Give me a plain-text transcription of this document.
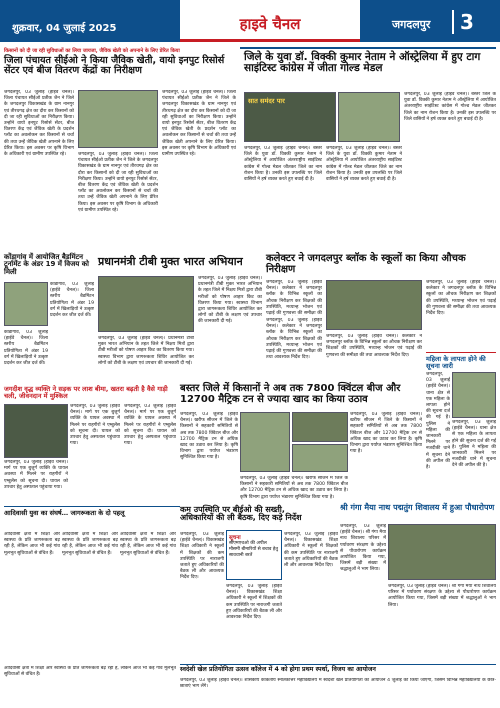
शुक्रवार, 04 जुलाई 2025	हाइवे चैनल	जगदलपुर	3
किसानों को दी जा रही सुविधाओं का लिया जायजा, जैविक खेती को अपनाने के लिए प्रेरित किया
जिला पंचायत सीईओ ने किया जैविक खेती, वायो इनपुट रिसोर्स सेंटर एवं बीज वितरण केंद्रों का निरीक्षण
जगदलपुर, 03 जुलाई (हाईवे चैनल)। जिला पंचायत सीईओ प्रतीक जैन ने जिले के जगदलपुर विकासखंड के ग्राम नानगुर एवं तीरथगढ़ क्षेत्र का दौरा कर किसानों को दी जा रही सुविधाओं का निरीक्षण किया। उन्होंने वायो इनपुट रिसोर्स सेंटर, बीज वितरण केंद्र एवं जैविक खेती के प्रदर्शन प्लॉट का अवलोकन कर किसानों से चर्चा की तथा उन्हें जैविक खेती अपनाने के लिए प्रेरित किया। इस अवसर पर कृषि विभाग के अधिकारी एवं ग्रामीण उपस्थित रहे।	जगदलपुर, 03 जुलाई (हाईवे चैनल)। जिला पंचायत सीईओ प्रतीक जैन ने जिले के जगदलपुर विकासखंड के ग्राम नानगुर एवं तीरथगढ़ क्षेत्र का दौरा कर किसानों को दी जा रही सुविधाओं का निरीक्षण किया। उन्होंने वायो इनपुट रिसोर्स सेंटर, बीज वितरण केंद्र एवं जैविक खेती के प्रदर्शन प्लॉट का अवलोकन कर किसानों से चर्चा की तथा उन्हें जैविक खेती अपनाने के लिए प्रेरित किया। इस अवसर पर कृषि विभाग के अधिकारी एवं ग्रामीण उपस्थित रहे।
जगदलपुर, 03 जुलाई (हाईवे चैनल)। जिला पंचायत सीईओ प्रतीक जैन ने जिले के जगदलपुर विकासखंड के ग्राम नानगुर एवं तीरथगढ़ क्षेत्र का दौरा कर किसानों को दी जा रही सुविधाओं का निरीक्षण किया। उन्होंने वायो इनपुट रिसोर्स सेंटर, बीज वितरण केंद्र एवं जैविक खेती के प्रदर्शन प्लॉट का अवलोकन कर किसानों से चर्चा की तथा उन्हें जैविक खेती अपनाने के लिए प्रेरित किया। इस अवसर पर कृषि विभाग के अधिकारी एवं ग्रामीण उपस्थित रहे।
जिले के युवा डॉ. विक्की कुमार नेताम ने ऑस्ट्रेलिया में हुए टाग साइंटिस्ट कांग्रेस में जीता गोल्ड मेडल
सात समंदर पार
जगदलपुर, 03 जुलाई (हाईवे चैनल)। बस्तर जिले के युवा डॉ. विक्की कुमार नेताम ने ऑस्ट्रेलिया में आयोजित अंतरराष्ट्रीय साइंटिस्ट कांग्रेस में गोल्ड मेडल जीतकर जिले का नाम रोशन किया है। उनकी इस उपलब्धि पर जिले वासियों ने हर्ष व्यक्त करते हुए बधाई दी है।
जगदलपुर, 03 जुलाई (हाईवे चैनल)। बस्तर जिले के युवा डॉ. विक्की कुमार नेताम ने ऑस्ट्रेलिया में आयोजित अंतरराष्ट्रीय साइंटिस्ट कांग्रेस में गोल्ड मेडल जीतकर जिले का नाम रोशन किया है। उनकी इस उपलब्धि पर जिले वासियों ने हर्ष व्यक्त करते हुए बधाई दी है।
जगदलपुर, 03 जुलाई (हाईवे चैनल)। बस्तर जिले के युवा डॉ. विक्की कुमार नेताम ने ऑस्ट्रेलिया में आयोजित अंतरराष्ट्रीय साइंटिस्ट कांग्रेस में गोल्ड मेडल जीतकर जिले का नाम रोशन किया है। उनकी इस उपलब्धि पर जिले वासियों ने हर्ष व्यक्त करते हुए बधाई दी है।
कोंडागांव में आयोजित बैडमिंटन टूर्नामेंट के अंडर 19 में विजय को मिली
कोंडागांव, 03 जुलाई (हाईवे चैनल)। जिला स्तरीय बैडमिंटन प्रतियोगिता में अंडर 19 वर्ग में खिलाड़ियों ने उत्कृष्ट प्रदर्शन कर जीत दर्ज की।
कोंडागांव, 03 जुलाई (हाईवे चैनल)। जिला स्तरीय बैडमिंटन प्रतियोगिता में अंडर 19 वर्ग में खिलाड़ियों ने उत्कृष्ट प्रदर्शन कर जीत दर्ज की।
प्रधानमंत्री टीबी मुक्त भारत अभियान
जगदलपुर, 03 जुलाई (हाईवे चैनल)। प्रधानमंत्री टीबी मुक्त भारत अभियान के तहत जिले में निक्षय मित्रों द्वारा टीबी मरीजों को पोषण आहार किट का वितरण किया गया। स्वास्थ्य विभाग द्वारा जागरूकता शिविर आयोजित कर लोगों को टीबी के लक्षण एवं उपचार की जानकारी दी गई।
जगदलपुर, 03 जुलाई (हाईवे चैनल)। प्रधानमंत्री टीबी मुक्त भारत अभियान के तहत जिले में निक्षय मित्रों द्वारा टीबी मरीजों को पोषण आहार किट का वितरण किया गया। स्वास्थ्य विभाग द्वारा जागरूकता शिविर आयोजित कर लोगों को टीबी के लक्षण एवं उपचार की जानकारी दी गई।
कलेक्टर ने जगदलपुर ब्लॉक के स्कूलों का किया औचक निरीक्षण
जगदलपुर, 03 जुलाई (हाईवे चैनल)। कलेक्टर ने जगदलपुर ब्लॉक के विभिन्न स्कूलों का औचक निरीक्षण कर शिक्षकों की उपस्थिति, मध्यान्ह भोजन एवं पढ़ाई की गुणवत्ता की समीक्षा की
जगदलपुर, 03 जुलाई (हाईवे चैनल)। कलेक्टर ने जगदलपुर ब्लॉक के विभिन्न स्कूलों का औचक निरीक्षण कर शिक्षकों की उपस्थिति, मध्यान्ह भोजन एवं पढ़ाई की गुणवत्ता की समीक्षा की तथा आवश्यक निर्देश दिए।
जगदलपुर, 03 जुलाई (हाईवे चैनल)। कलेक्टर ने जगदलपुर ब्लॉक के विभिन्न स्कूलों का औचक निरीक्षण कर शिक्षकों की उपस्थिति, मध्यान्ह भोजन एवं पढ़ाई की गुणवत्ता की समीक्षा की तथा आवश्यक निर्देश दिए।
जगदलपुर, 03 जुलाई (हाईवे चैनल)। कलेक्टर ने जगदलपुर ब्लॉक के विभिन्न स्कूलों का औचक निरीक्षण कर शिक्षकों की उपस्थिति, मध्यान्ह भोजन एवं पढ़ाई की गुणवत्ता की समीक्षा की तथा आवश्यक निर्देश दिए।
महिला के लापता होने की सूचना जारी
जगदलपुर, 03 जुलाई (हाईवे चैनल)। थाना क्षेत्र से एक महिला के लापता होने की सूचना दर्ज की गई है। पुलिस ने महिला की जानकारी मिलने पर नजदीकी थाने में सूचना देने की अपील की है।
जगदलपुर, 03 जुलाई (हाईवे चैनल)। थाना क्षेत्र से एक महिला के लापता होने की सूचना दर्ज की गई है। पुलिस ने महिला की जानकारी मिलने पर नजदीकी थाने में सूचना देने की अपील की है।
जगदीश वृद्ध व्यक्ति ने सड़क पर लाश बीमा, खतरा बढ़ती है वैसे गाड़ी चली, जीवनदान में मुश्किल
जगदलपुर, 03 जुलाई (हाईवे चैनल)। मार्ग पर एक बुजुर्ग व्यक्ति के घायल अवस्था में मिलने पर राहगीरों ने एम्बुलेंस को सूचना दी। घायल को उपचार हेतु अस्पताल पहुंचाया गया।
जगदलपुर, 03 जुलाई (हाईवे चैनल)। मार्ग पर एक बुजुर्ग व्यक्ति के घायल अवस्था में मिलने पर राहगीरों ने एम्बुलेंस को सूचना दी। घायल को उपचार हेतु अस्पताल पहुंचाया गया।
जगदलपुर, 03 जुलाई (हाईवे चैनल)। मार्ग पर एक बुजुर्ग व्यक्ति के घायल अवस्था में मिलने पर राहगीरों ने एम्बुलेंस को सूचना दी। घायल को उपचार हेतु अस्पताल पहुंचाया गया।
बस्तर जिले में किसानों ने अब तक 7800 क्विंटल बीज और 12700 मैट्रिक टन से ज्यादा खाद का किया उठाव
जगदलपुर, 03 जुलाई (हाईवे चैनल)। खरीफ सीजन में जिले के किसानों ने सहकारी समितियों से अब तक 7800 क्विंटल बीज और 12700 मैट्रिक टन से अधिक खाद का उठाव कर लिया है। कृषि विभाग द्वारा पर्याप्त भंडारण सुनिश्चित किया गया है।
जगदलपुर, 03 जुलाई (हाईवे चैनल)। खरीफ सीजन में जिले के किसानों ने सहकारी समितियों से अब तक 7800 क्विंटल बीज और 12700 मैट्रिक टन से अधिक खाद का उठाव कर लिया है। कृषि विभाग द्वारा पर्याप्त भंडारण सुनिश्चित किया गया है।
जगदलपुर, 03 जुलाई (हाईवे चैनल)। खरीफ सीजन में जिले के किसानों ने सहकारी समितियों से अब तक 7800 क्विंटल बीज और 12700 मैट्रिक टन से अधिक खाद का उठाव कर लिया है। कृषि विभाग द्वारा पर्याप्त भंडारण सुनिश्चित किया गया है।
आदिवासी युवा का संघर्ष… जागरूकता के दो पहलू
आदिवासी क्षेत्रों में शिक्षा और स्वास्थ्य के प्रति जागरूकता बढ़ रही है, लेकिन आज भी कई गांव मूलभूत सुविधाओं से वंचित हैं।
आदिवासी क्षेत्रों में शिक्षा और स्वास्थ्य के प्रति जागरूकता बढ़ रही है, लेकिन आज भी कई गांव मूलभूत सुविधाओं से वंचित हैं।
आदिवासी क्षेत्रों में शिक्षा और स्वास्थ्य के प्रति जागरूकता बढ़ रही है, लेकिन आज भी कई गांव मूलभूत सुविधाओं से वंचित हैं।
कम उपस्थिति पर बीईओ की सख्ती, अधिकारियों की ली बैठक, दिए कड़े निर्देश
जगदलपुर, 03 जुलाई (हाईवे चैनल)। विकासखंड शिक्षा अधिकारी ने स्कूलों में शिक्षकों की कम उपस्थिति पर नाराजगी जताते हुए अधिकारियों की बैठक ली और आवश्यक निर्देश दिए।
सूचना
सीएमएचओ की अपील मौसमी बीमारियों से बचाव हेतु सावधानी बरतें
जगदलपुर, 03 जुलाई (हाईवे चैनल)। विकासखंड शिक्षा अधिकारी ने स्कूलों में शिक्षकों की कम उपस्थिति पर नाराजगी जताते हुए अधिकारियों की बैठक ली और आवश्यक निर्देश दिए।
जगदलपुर, 03 जुलाई (हाईवे चैनल)। विकासखंड शिक्षा अधिकारी ने स्कूलों में शिक्षकों की कम उपस्थिति पर नाराजगी जताते हुए अधिकारियों की बैठक ली और आवश्यक निर्देश दिए।
श्री गंगा मैया नाथ पद्मतुंग शिवालय में हुआ पौधारोपण
जगदलपुर, 03 जुलाई (हाईवे चैनल)। श्री गंगा मैया नाथ शिवालय परिसर में पर्यावरण संरक्षण के उद्देश्य से पौधारोपण कार्यक्रम आयोजित किया गया, जिसमें बड़ी संख्या में श्रद्धालुओं ने भाग लिया।
जगदलपुर, 03 जुलाई (हाईवे चैनल)। श्री गंगा मैया नाथ शिवालय परिसर में पर्यावरण संरक्षण के उद्देश्य से पौधारोपण कार्यक्रम आयोजित किया गया, जिसमें बड़ी संख्या में श्रद्धालुओं ने भाग लिया।
स्वदेशी खेल प्रतियोगिता उत्सव कॉलेज में 4 को होगा प्रथम स्पर्धा, विजय का आयोजन
जगदलपुर, 03 जुलाई (हाईवे चैनल)। शासकीय काकतीय स्नातकोत्तर महाविद्यालय में स्वदेशी खेल प्रतियोगिता का आयोजन 4 जुलाई को किया जाएगा, जिसमें विभिन्न महाविद्यालयों के छात्र-छात्राएं भाग लेंगे।
आदिवासी क्षेत्रों में शिक्षा और स्वास्थ्य के प्रति जागरूकता बढ़ रही है, लेकिन आज भी कई गांव मूलभूत सुविधाओं से वंचित हैं।
